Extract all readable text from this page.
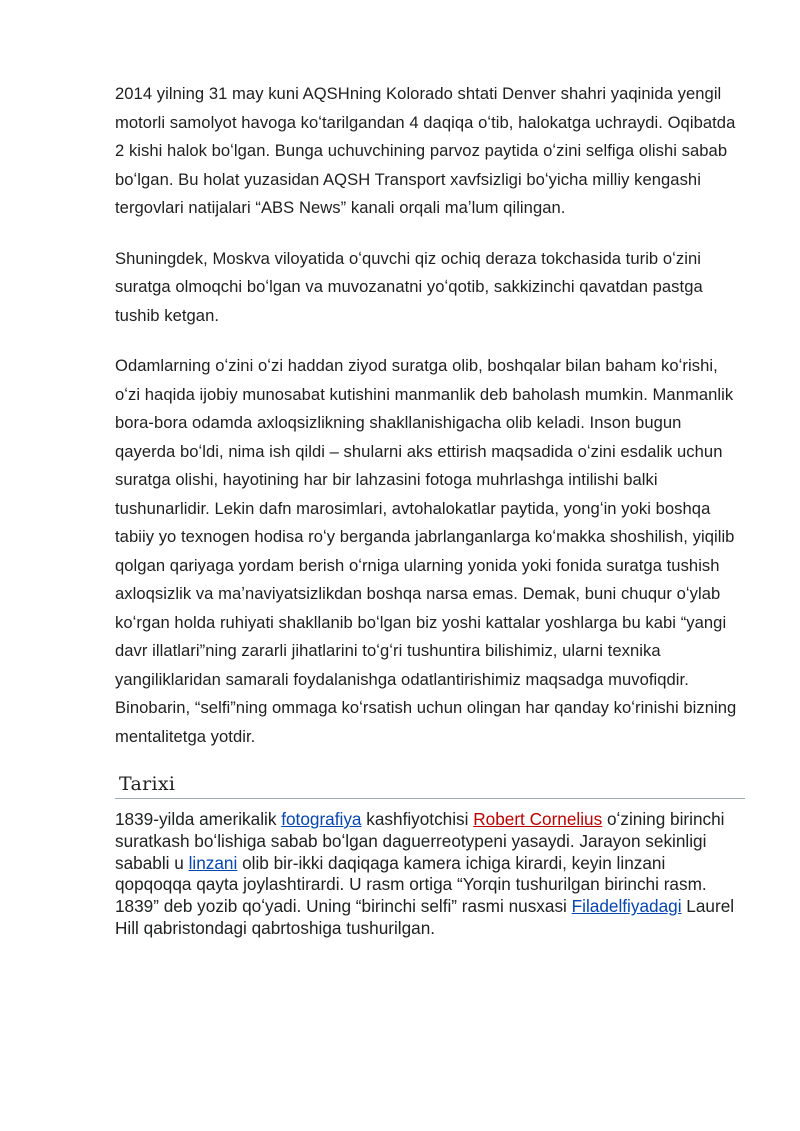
2014 yilning 31 may kuni AQSHning Kolorado shtati Denver shahri yaqinida yengil motorli samolyot havoga koʻtarilgandan 4 daqiqa oʻtib, halokatga uchraydi. Oqibatda 2 kishi halok boʻlgan. Bunga uchuvchining parvoz paytida oʻzini selfiga olishi sabab boʻlgan. Bu holat yuzasidan AQSH Transport xavfsizligi boʻyicha milliy kengashi tergovlari natijalari “ABS News” kanali orqali maʼlum qilingan.

Shuningdek, Moskva viloyatida oʻquvchi qiz ochiq deraza tokchasida turib oʻzini suratga olmoqchi boʻlgan va muvozanatni yoʻqotib, sakkizinchi qavatdan pastga tushib ketgan.

Odamlarning oʻzini oʻzi haddan ziyod suratga olib, boshqalar bilan baham koʻrishi, oʻzi haqida ijobiy munosabat kutishini manmanlik deb baholash mumkin. Manmanlik bora-bora odamda axloqsizlikning shakllanishigacha olib keladi. Inson bugun qayerda boʻldi, nima ish qildi – shularni aks ettirish maqsadida oʻzini esdalik uchun suratga olishi, hayotining har bir lahzasini fotoga muhrlashga intilishi balki tushunarlidir. Lekin dafn marosimlari, avtohalokatlar paytida, yongʻin yoki boshqa tabiiy yo texnogen hodisa roʻy berganda jabrlanganlarga koʻmakka shoshilish, yiqilib qolgan qariyaga yordam berish oʻrniga ularning yonida yoki fonida suratga tushish axloqsizlik va maʼnaviyatsizlikdan boshqa narsa emas. Demak, buni chuqur oʻylab koʻrgan holda ruhiyati shakllanib boʻlgan biz yoshi kattalar yoshlarga bu kabi “yangi davr illatlari”ning zararli jihatlarini toʻgʻri tushuntira bilishimiz, ularni texnika yangiliklaridan samarali foydalanishga odatlantirishimiz maqsadga muvofiqdir. Binobarin, “selfi”ning ommaga koʻrsatish uchun olingan har qanday koʻrinishi bizning mentalitetga yotdir.

Tarixi

1839-yilda amerikalik fotografiya kashfiyotchisi Robert Cornelius oʻzining birinchi suratkash boʻlishiga sabab boʻlgan daguerreotypeni yasaydi. Jarayon sekinligi sababli u linzani olib bir-ikki daqiqaga kamera ichiga kirardi, keyin linzani qopqoqqa qayta joylashtirardi. U rasm ortiga “Yorqin tushurilgan birinchi rasm. 1839” deb yozib qoʻyadi. Uning “birinchi selfi” rasmi nusxasi Filadelfiyadagi Laurel Hill qabristondagi qabrtoshiga tushurilgan.
